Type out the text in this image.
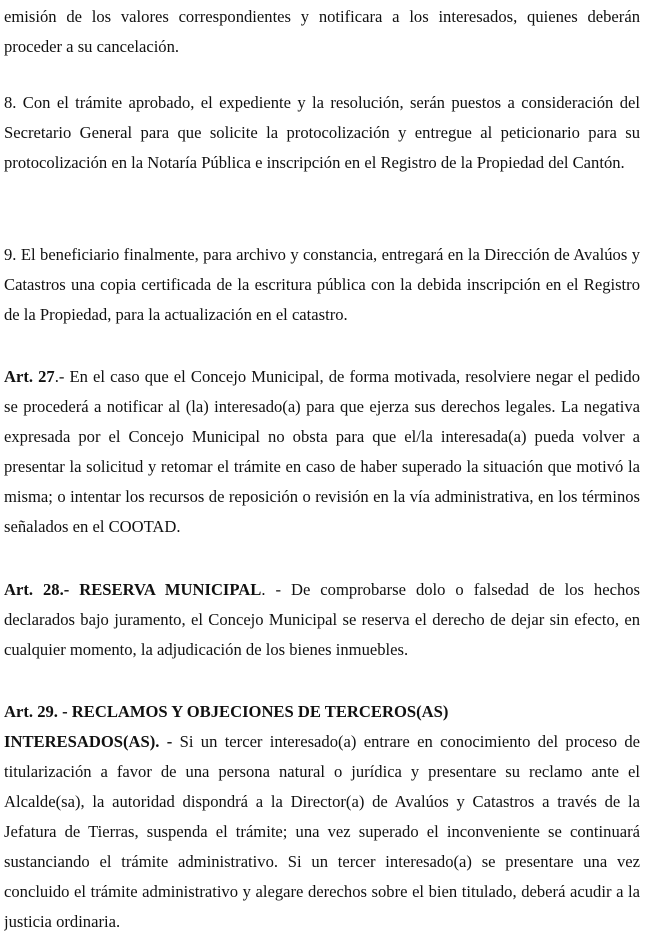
emisión de los valores correspondientes y notificara a los interesados, quienes deberán proceder a su cancelación.

8. Con el trámite aprobado, el expediente y la resolución, serán puestos a consideración del Secretario General para que solicite la protocolización y entregue al peticionario para su protocolización en la Notaría Pública e inscripción en el Registro de la Propiedad del Cantón.

9. El beneficiario finalmente, para archivo y constancia, entregará en la Dirección de Avalúos y Catastros una copia certificada de la escritura pública con la debida inscripción en el Registro de la Propiedad, para la actualización en el catastro.

Art. 27.- En el caso que el Concejo Municipal, de forma motivada, resolviere negar el pedido se procederá a notificar al (la) interesado(a) para que ejerza sus derechos legales. La negativa expresada por el Concejo Municipal no obsta para que el/la interesada(a) pueda volver a presentar la solicitud y retomar el trámite en caso de haber superado la situación que motivó la misma; o intentar los recursos de reposición o revisión en la vía administrativa, en los términos señalados en el COOTAD.

Art. 28.- RESERVA MUNICIPAL. - De comprobarse dolo o falsedad de los hechos declarados bajo juramento, el Concejo Municipal se reserva el derecho de dejar sin efecto, en cualquier momento, la adjudicación de los bienes inmuebles.

Art. 29. - RECLAMOS Y OBJECIONES DE TERCEROS(AS)

INTERESADOS(AS). - Si un tercer interesado(a) entrare en conocimiento del proceso de titularización a favor de una persona natural o jurídica y presentare su reclamo ante el Alcalde(sa), la autoridad dispondrá a la Director(a) de Avalúos y Catastros a través de la Jefatura de Tierras, suspenda el trámite; una vez superado el inconveniente se continuará sustanciando el trámite administrativo. Si un tercer interesado(a) se presentare una vez concluido el trámite administrativo y alegare derechos sobre el bien titulado, deberá acudir a la justicia ordinaria.
